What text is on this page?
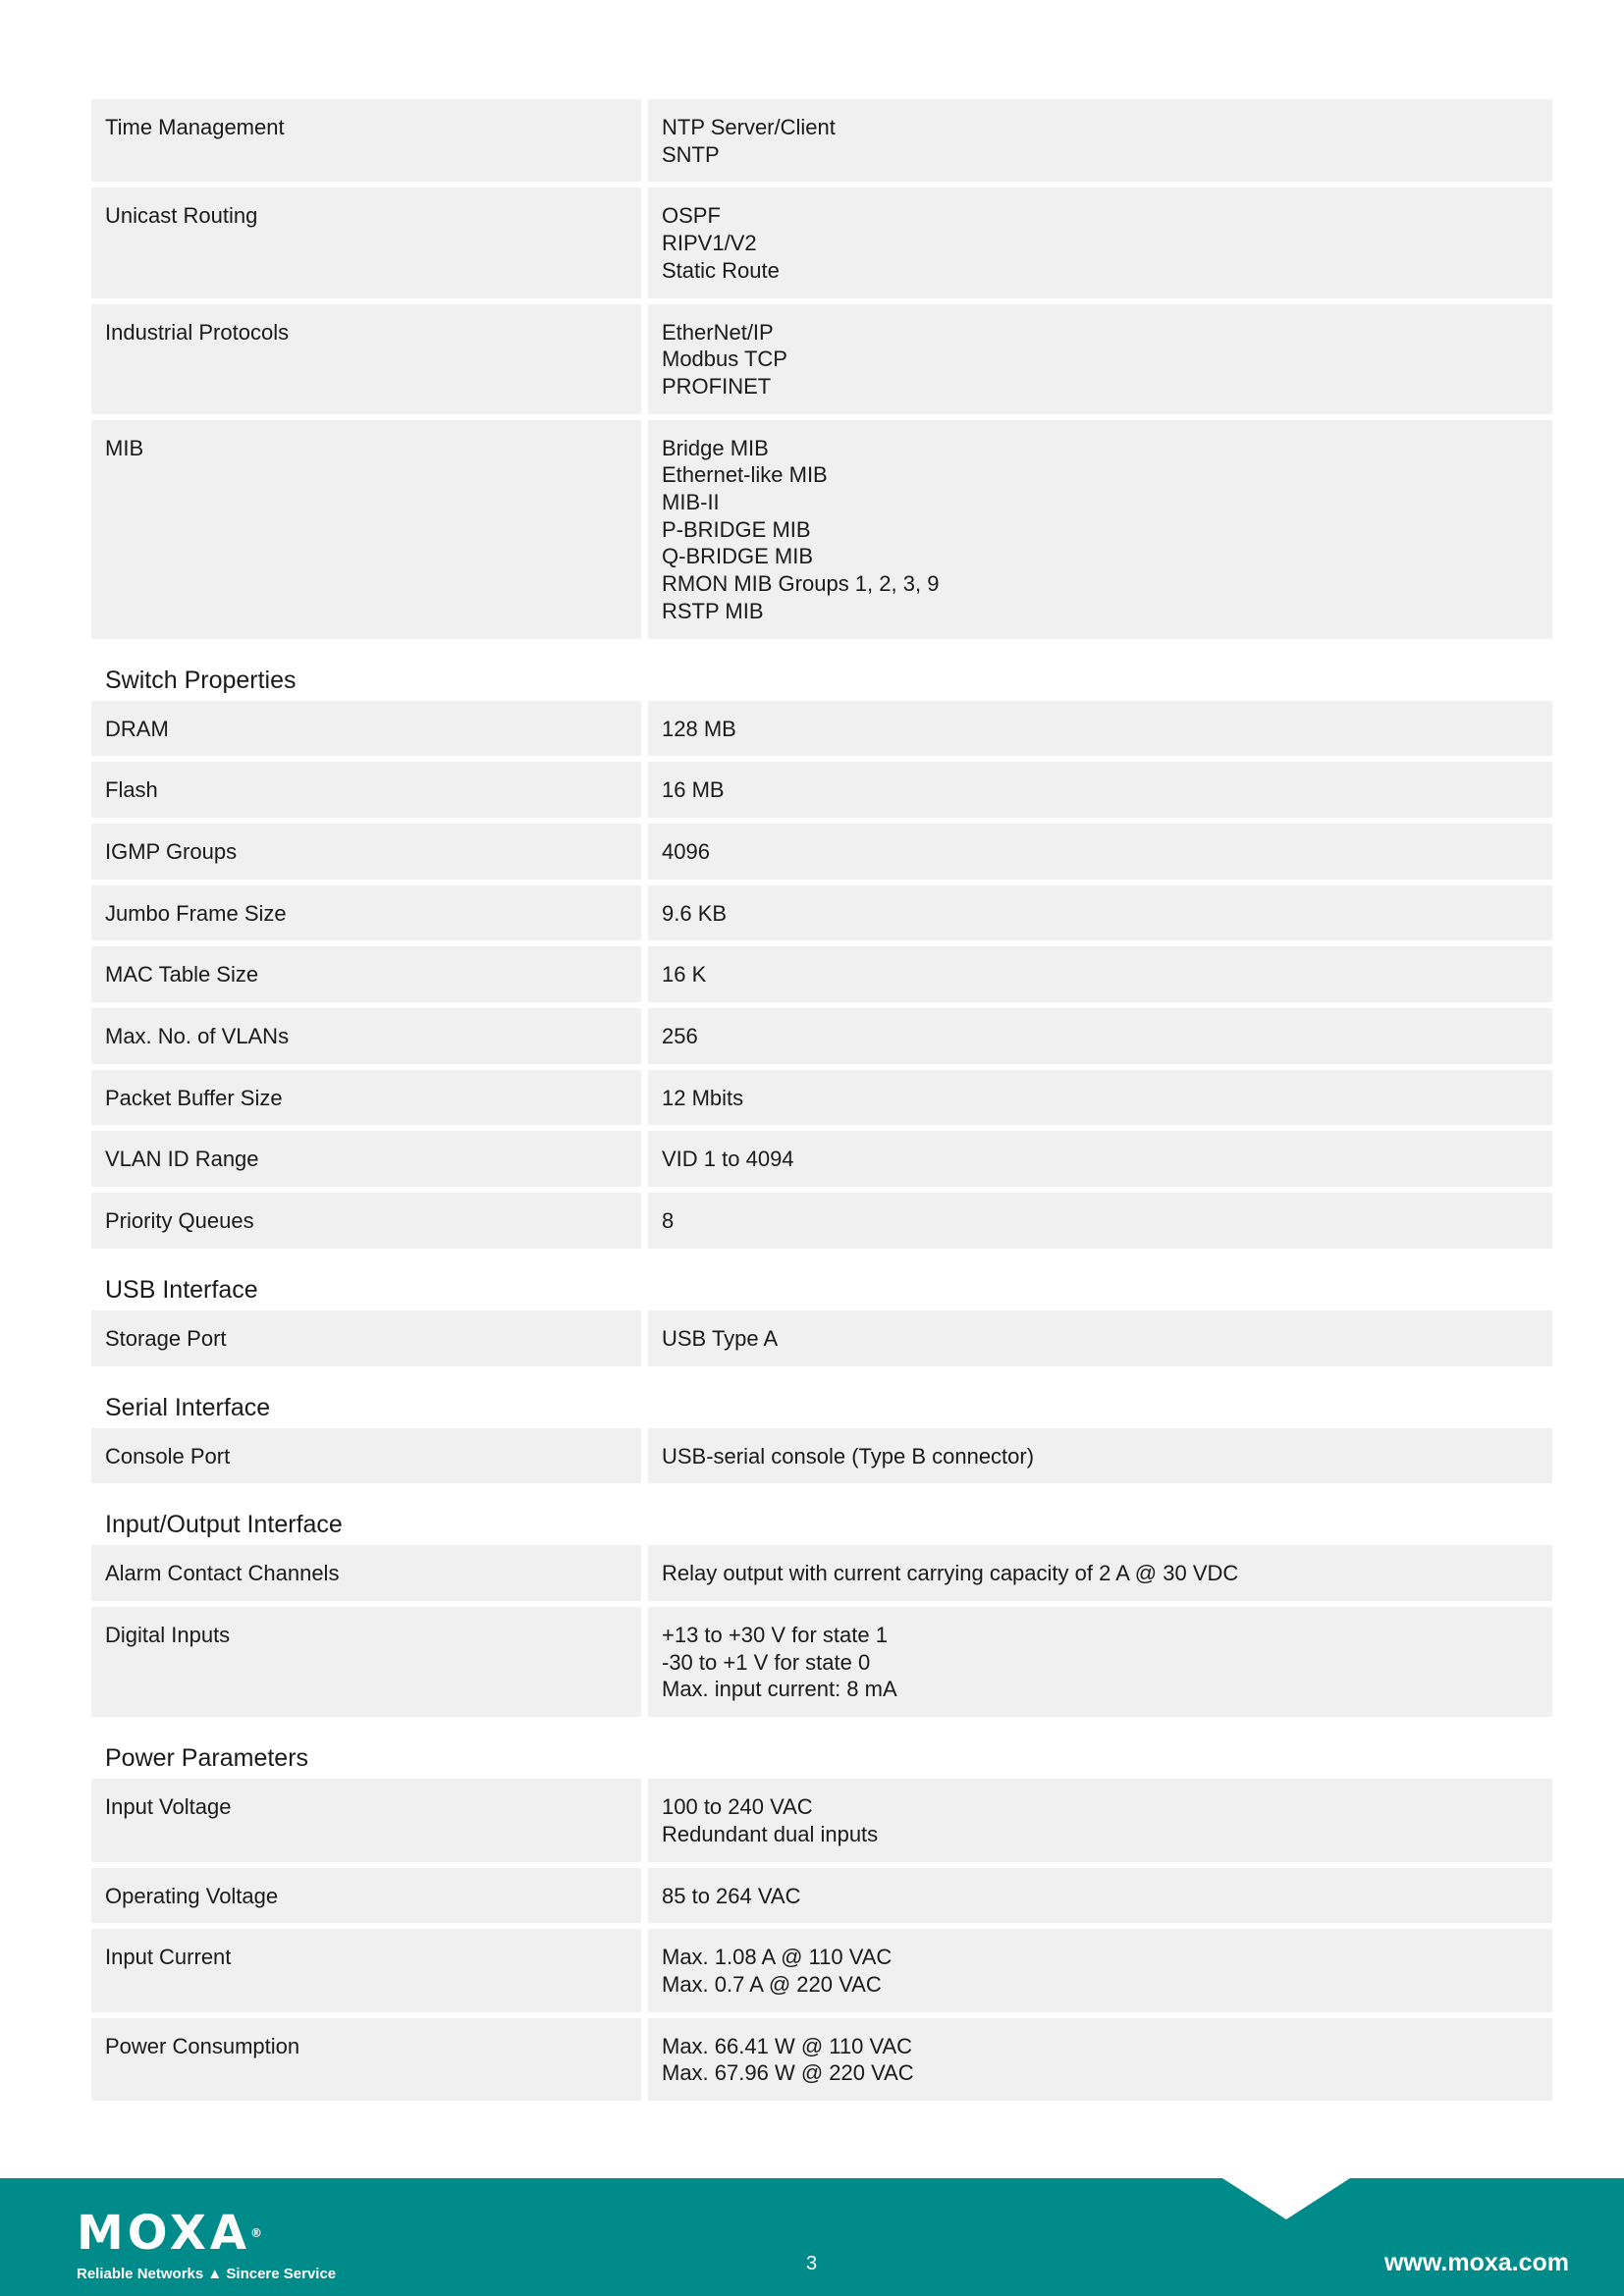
Time Management	NTP Server/Client
SNTP
Unicast Routing	OSPF
RIPV1/V2
Static Route
Industrial Protocols	EtherNet/IP
Modbus TCP
PROFINET
MIB	Bridge MIB
Ethernet-like MIB
MIB-II
P-BRIDGE MIB
Q-BRIDGE MIB
RMON MIB Groups 1, 2, 3, 9
RSTP MIB
Switch Properties
DRAM	128 MB
Flash	16 MB
IGMP Groups	4096
Jumbo Frame Size	9.6 KB
MAC Table Size	16 K
Max. No. of VLANs	256
Packet Buffer Size	12 Mbits
VLAN ID Range	VID 1 to 4094
Priority Queues	8
USB Interface
Storage Port	USB Type A
Serial Interface
Console Port	USB-serial console (Type B connector)
Input/Output Interface
Alarm Contact Channels	Relay output with current carrying capacity of 2 A @ 30 VDC
Digital Inputs	+13 to +30 V for state 1
-30 to +1 V for state 0
Max. input current: 8 mA
Power Parameters
Input Voltage	100 to 240 VAC
Redundant dual inputs
Operating Voltage	85 to 264 VAC
Input Current	Max. 1.08 A @ 110 VAC
Max. 0.7 A @ 220 VAC
Power Consumption	Max. 66.41 W @ 110 VAC
Max. 67.96 W @ 220 VAC
MOXA®
Reliable Networks ▲ Sincere Service	3	www.moxa.com
